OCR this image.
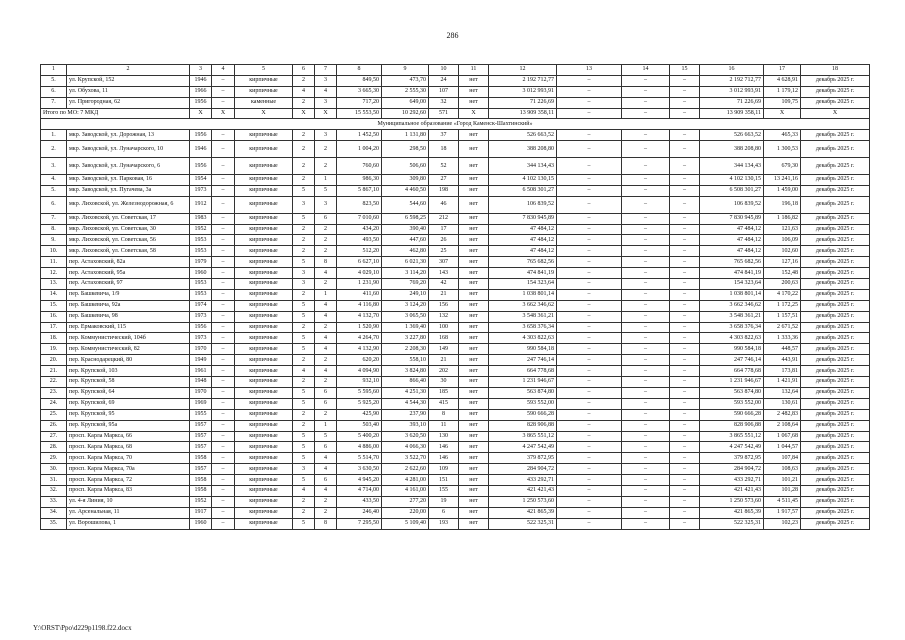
286
1	2	3	4	5	6	7	8	9	10	11	12	13	14	15	16	17	18
5.	ул. Крупской, 152	1946	–	кирпичные	2	3	849,50	473,70	24	нет	2 192 712,77	–	–	–	2 192 712,77	4 628,91	декабрь 2025 г.
6.	ул. Обухова, 11	1966	–	кирпичные	4	4	3 665,30	2 555,30	107	нет	3 012 993,91	–	–	–	3 012 993,91	1 179,12	декабрь 2025 г.
7.	ул. Пригородная, 62	1956	–	каменные	2	3	717,20	649,00	32	нет	71 226,69	–	–	–	71 226,69	109,75	декабрь 2025 г.
Итого по МО: 7 МКД		X	X	X	X	X	15 553,50	10 292,60	571	X	13 909 358,11	–	–	–	13 909 358,11	X	X
Муниципальное образование «Город Каменск-Шахтинский»																	
1.	мкр. Заводской, ул. Дорожная, 13	1956	–	кирпичные	2	3	1 452,50	1 131,80	37	нет	526 663,52	–	–	–	526 663,52	465,33	декабрь 2025 г.
2.	мкр. Заводской, ул. Луначарского, 10	1946	–	кирпичные	2	2	1 004,20	298,50	18	нет	388 208,80	–	–	–	388 208,80	1 300,53	декабрь 2025 г.
3.	мкр. Заводской, ул. Луначарского, 6	1956	–	кирпичные	2	2	760,60	506,60	52	нет	344 134,43	–	–	–	344 134,43	679,30	декабрь 2025 г.
4.	мкр. Заводской, ул. Парковая, 16	1954	–	кирпичные	2	1	986,30	309,80	27	нет	4 102 130,15	–	–	–	4 102 130,15	13 241,16	декабрь 2025 г.
5.	мкр. Заводской, ул. Пугачева, 3а	1973	–	кирпичные	5	5	5 867,10	4 460,50	198	нет	6 508 301,27	–	–	–	6 508 301,27	1 459,00	декабрь 2025 г.
6.	мкр. Лиховской, ул. Железнодорожная, 6	1912	–	кирпичные	3	3	823,50	544,60	46	нет	106 839,52	–	–	–	106 839,52	196,18	декабрь 2025 г.
7.	мкр. Лиховской, ул. Советская, 17	1983	–	кирпичные	5	6	7 010,60	6 598,25	212	нет	7 830 945,89	–	–	–	7 830 945,89	1 186,82	декабрь 2025 г.
8.	мкр. Лиховской, ул. Советская, 30	1952	–	кирпичные	2	2	434,20	390,40	17	нет	47 484,12	–	–	–	47 484,12	121,63	декабрь 2025 г.
9.	мкр. Лиховской, ул. Советская, 56	1953	–	кирпичные	2	2	493,50	447,60	26	нет	47 484,12	–	–	–	47 484,12	106,09	декабрь 2025 г.
10.	мкр. Лиховской, ул. Советская, 58	1953	–	кирпичные	2	2	512,20	462,80	25	нет	47 484,12	–	–	–	47 484,12	102,60	декабрь 2025 г.
11.	пер. Астаховский, 82а	1979	–	кирпичные	5	8	6 627,10	6 021,30	307	нет	765 682,56	–	–	–	765 682,56	127,16	декабрь 2025 г.
12.	пер. Астаховский, 95а	1960	–	кирпичные	3	4	4 029,10	3 114,20	143	нет	474 841,19	–	–	–	474 841,19	152,48	декабрь 2025 г.
13.	пер. Астаховский, 97	1953	–	кирпичные	3	2	1 231,90	769,20	42	нет	154 323,64	–	–	–	154 323,64	200,63	декабрь 2025 г.
14.	пер. Башкевича, 1/9	1953	–	кирпичные	2	1	411,60	249,10	21	нет	1 038 801,14	–	–	–	1 038 801,14	4 170,22	декабрь 2025 г.
15.	пер. Башкевича, 92а	1974	–	кирпичные	5	4	4 116,80	3 124,20	156	нет	3 662 346,62	–	–	–	3 662 346,62	1 172,25	декабрь 2025 г.
16.	пер. Башкевича, 98	1973	–	кирпичные	5	4	4 132,70	3 065,50	132	нет	3 548 361,21	–	–	–	3 548 361,21	1 157,51	декабрь 2025 г.
17.	пер. Ермаковский, 115	1956	–	кирпичные	2	2	1 520,90	1 369,40	100	нет	3 658 376,34	–	–	–	3 658 376,34	2 671,52	декабрь 2025 г.
18.	пер. Коммунистический, 104б	1973	–	кирпичные	5	4	4 264,70	3 227,80	168	нет	4 303 822,63	–	–	–	4 303 822,63	1 333,36	декабрь 2025 г.
19.	пер. Коммунистический, 82	1970	–	кирпичные	5	4	4 132,90	2 208,30	149	нет	990 584,18	–	–	–	990 584,18	448,57	декабрь 2025 г.
20.	пер. Краснодарецкий, 80	1949	–	кирпичные	2	2	620,20	558,10	21	нет	247 746,14	–	–	–	247 746,14	443,91	декабрь 2025 г.
21.	пер. Крупской, 103	1961	–	кирпичные	4	4	4 094,90	3 824,80	202	нет	664 778,68	–	–	–	664 778,68	173,81	декабрь 2025 г.
22.	пер. Крупской, 58	1948	–	кирпичные	2	2	932,10	866,40	30	нет	1 231 946,67	–	–	–	1 231 946,67	1 421,91	декабрь 2025 г.
23.	пер. Крупской, 64	1970	–	кирпичные	5	6	5 595,60	4 251,30	185	нет	563 874,80	–	–	–	563 874,80	132,64	декабрь 2025 г.
24.	пер. Крупской, 69	1969	–	кирпичные	5	6	5 925,20	4 544,30	415	нет	593 552,00	–	–	–	593 552,00	130,61	декабрь 2025 г.
25.	пер. Крупской, 95	1955	–	кирпичные	2	2	425,90	237,90	8	нет	590 666,28	–	–	–	590 666,28	2 482,83	декабрь 2025 г.
26.	пер. Крупской, 95а	1957	–	кирпичные	2	1	503,40	393,10	11	нет	828 906,88	–	–	–	828 906,88	2 108,64	декабрь 2025 г.
27.	просп. Карла Маркса, 66	1957	–	кирпичные	5	5	5 400,20	3 620,50	130	нет	3 865 551,12	–	–	–	3 865 551,12	1 067,68	декабрь 2025 г.
28.	просп. Карла Маркса, 68	1957	–	кирпичные	5	6	4 886,00	4 066,30	146	нет	4 247 542,49	–	–	–	4 247 542,49	1 044,57	декабрь 2025 г.
29.	просп. Карла Маркса, 70	1958	–	кирпичные	5	4	5 514,70	3 522,70	146	нет	379 872,95	–	–	–	379 872,95	107,84	декабрь 2025 г.
30.	просп. Карла Маркса, 70а	1957	–	кирпичные	3	4	3 630,50	2 622,60	109	нет	284 904,72	–	–	–	284 904,72	108,63	декабрь 2025 г.
31.	просп. Карла Маркса, 72	1958	–	кирпичные	5	6	4 945,20	4 281,00	151	нет	433 292,71	–	–	–	433 292,71	101,21	декабрь 2025 г.
32.	просп. Карла Маркса, 83	1958	–	кирпичные	4	4	4 714,00	4 161,00	155	нет	421 421,43	–	–	–	421 421,43	101,28	декабрь 2025 г.
33.	ул. 4-я Линия, 10	1952	–	кирпичные	2	2	433,50	277,20	19	нет	1 250 573,60	–	–	–	1 250 573,60	4 511,45	декабрь 2025 г.
34.	ул. Арсенальная, 11	1917	–	кирпичные	2	2	246,40	220,00	6	нет	421 865,39	–	–	–	421 865,39	1 917,57	декабрь 2025 г.
35.	ул. Ворошилова, 1	1960	–	кирпичные	5	8	7 295,50	5 109,40	193	нет	522 325,31	–	–	–	522 325,31	102,23	декабрь 2025 г.
Y:\ORST\Ppo\d229p1198.f22.docx
